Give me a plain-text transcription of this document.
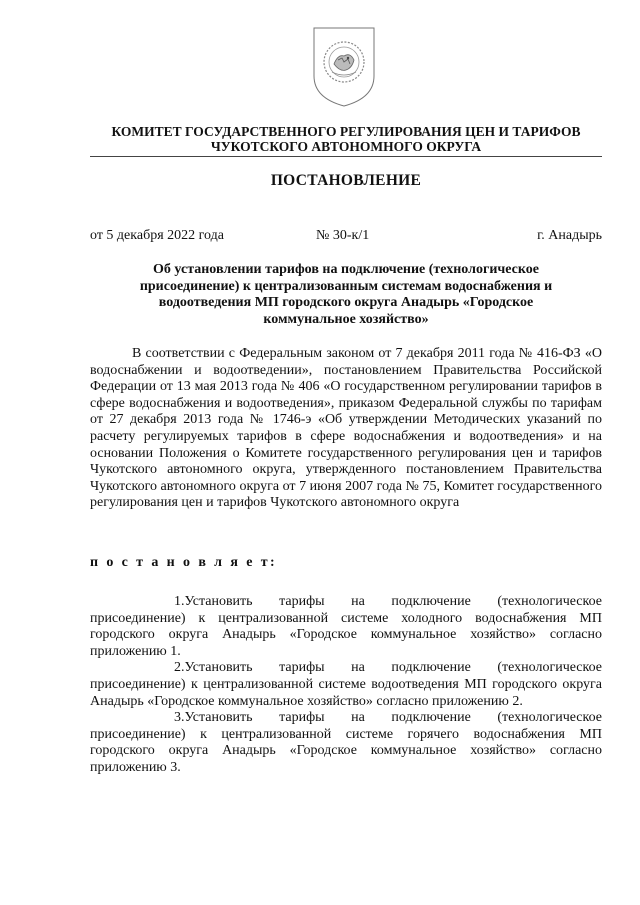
КОМИТЕТ ГОСУДАРСТВЕННОГО РЕГУЛИРОВАНИЯ ЦЕН И ТАРИФОВ
ЧУКОТСКОГО АВТОНОМНОГО ОКРУГА
ПОСТАНОВЛЕНИЕ
от 5 декабря 2022 года	№ 30-к/1	г. Анадырь
Об установлении тарифов на подключение (технологическое присоединение) к централизованным системам водоснабжения и водоотведения МП городского округа Анадырь «Городское коммунальное хозяйство»

В соответствии с Федеральным законом от 7 декабря 2011 года № 416-ФЗ «О водоснабжении и водоотведении», постановлением Правительства Российской Федерации от 13 мая 2013 года № 406 «О государственном регулировании тарифов в сфере водоснабжения и водоотведения», приказом Федеральной службы по тарифам от 27 декабря 2013 года № 1746-э «Об утверждении Методических указаний по расчету регулируемых тарифов в сфере водоснабжения и водоотведения» и на основании Положения о Комитете государственного регулирования цен и тарифов Чукотского автономного округа, утвержденного постановлением Правительства Чукотского автономного округа от 7 июня 2007 года № 75, Комитет государственного регулирования цен и тарифов Чукотского автономного округа

п о с т а н о в л я е т:

1.Установить тарифы на подключение (технологическое присоединение) к централизованной системе холодного водоснабжения МП городского округа Анадырь «Городское коммунальное хозяйство» согласно приложению 1.

2.Установить тарифы на подключение (технологическое присоединение) к централизованной системе водоотведения МП городского округа Анадырь «Городское коммунальное хозяйство» согласно приложению 2.

3.Установить тарифы на подключение (технологическое присоединение) к централизованной системе горячего водоснабжения МП городского округа Анадырь «Городское коммунальное хозяйство» согласно приложению 3.
